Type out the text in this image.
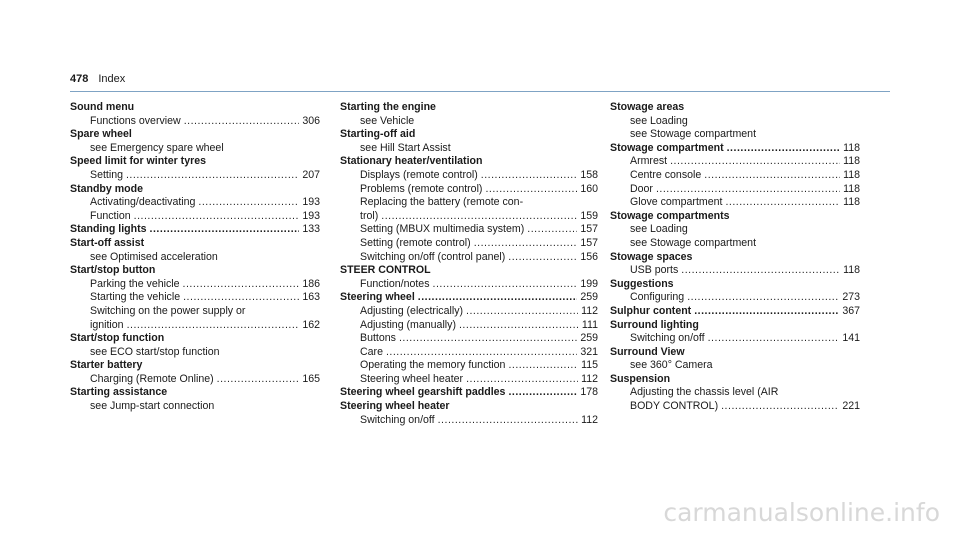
478 Index
Sound menu
Functions overview .....	306
Spare wheel
see Emergency spare wheel
Speed limit for winter tyres
Setting .....	207
Standby mode
Activating/deactivating .....	193
Function .....	193
Standing lights .....	133
Start-off assist
see Optimised acceleration
Start/stop button
Parking the vehicle .....	186
Starting the vehicle .....	163
Switching on the power supply or
ignition .....	162
Start/stop function
see ECO start/stop function
Starter battery
Charging (Remote Online) .....	165
Starting assistance
see Jump-start connection
Starting the engine
see Vehicle
Starting-off aid
see Hill Start Assist
Stationary heater/ventilation
Displays (remote control) .....	158
Problems (remote control) .....	160
Replacing the battery (remote con-
trol) .....	159
Setting (MBUX multimedia system) .....	157
Setting (remote control) .....	157
Switching on/off (control panel) .....	156
STEER CONTROL
Function/notes .....	199
Steering wheel .....	259
Adjusting (electrically) .....	112
Adjusting (manually) .....	111
Buttons .....	259
Care .....	321
Operating the memory function .....	115
Steering wheel heater .....	112
Steering wheel gearshift paddles .....	178
Steering wheel heater
Switching on/off .....	112
Stowage areas
see Loading
see Stowage compartment
Stowage compartment .....	118
Armrest .....	118
Centre console .....	118
Door .....	118
Glove compartment .....	118
Stowage compartments
see Loading
see Stowage compartment
Stowage spaces
USB ports .....	118
Suggestions
Configuring .....	273
Sulphur content .....	367
Surround lighting
Switching on/off .....	141
Surround View
see 360° Camera
Suspension
Adjusting the chassis level (AIR
BODY CONTROL) .....	221
carmanualsonline.info
